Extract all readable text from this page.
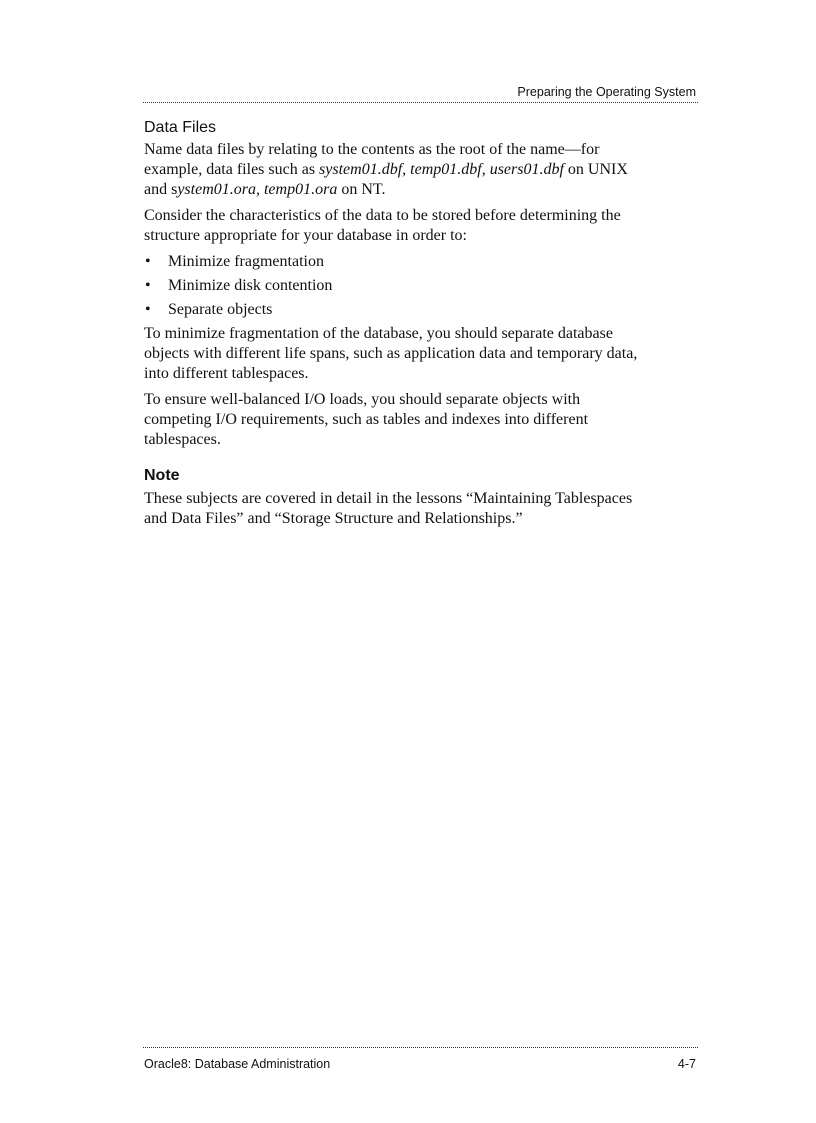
Preparing the Operating System
Data Files

Name data files by relating to the contents as the root of the name—for example, data files such as system01.dbf, temp01.dbf, users01.dbf on UNIX and system01.ora, temp01.ora on NT.

Consider the characteristics of the data to be stored before determining the structure appropriate for your database in order to:

• Minimize fragmentation
• Minimize disk contention
• Separate objects

To minimize fragmentation of the database, you should separate database objects with different life spans, such as application data and temporary data, into different tablespaces.

To ensure well-balanced I/O loads, you should separate objects with competing I/O requirements, such as tables and indexes into different tablespaces.

Note

These subjects are covered in detail in the lessons “Maintaining Tablespaces and Data Files” and “Storage Structure and Relationships.”

Oracle8: Database Administration	4-7
